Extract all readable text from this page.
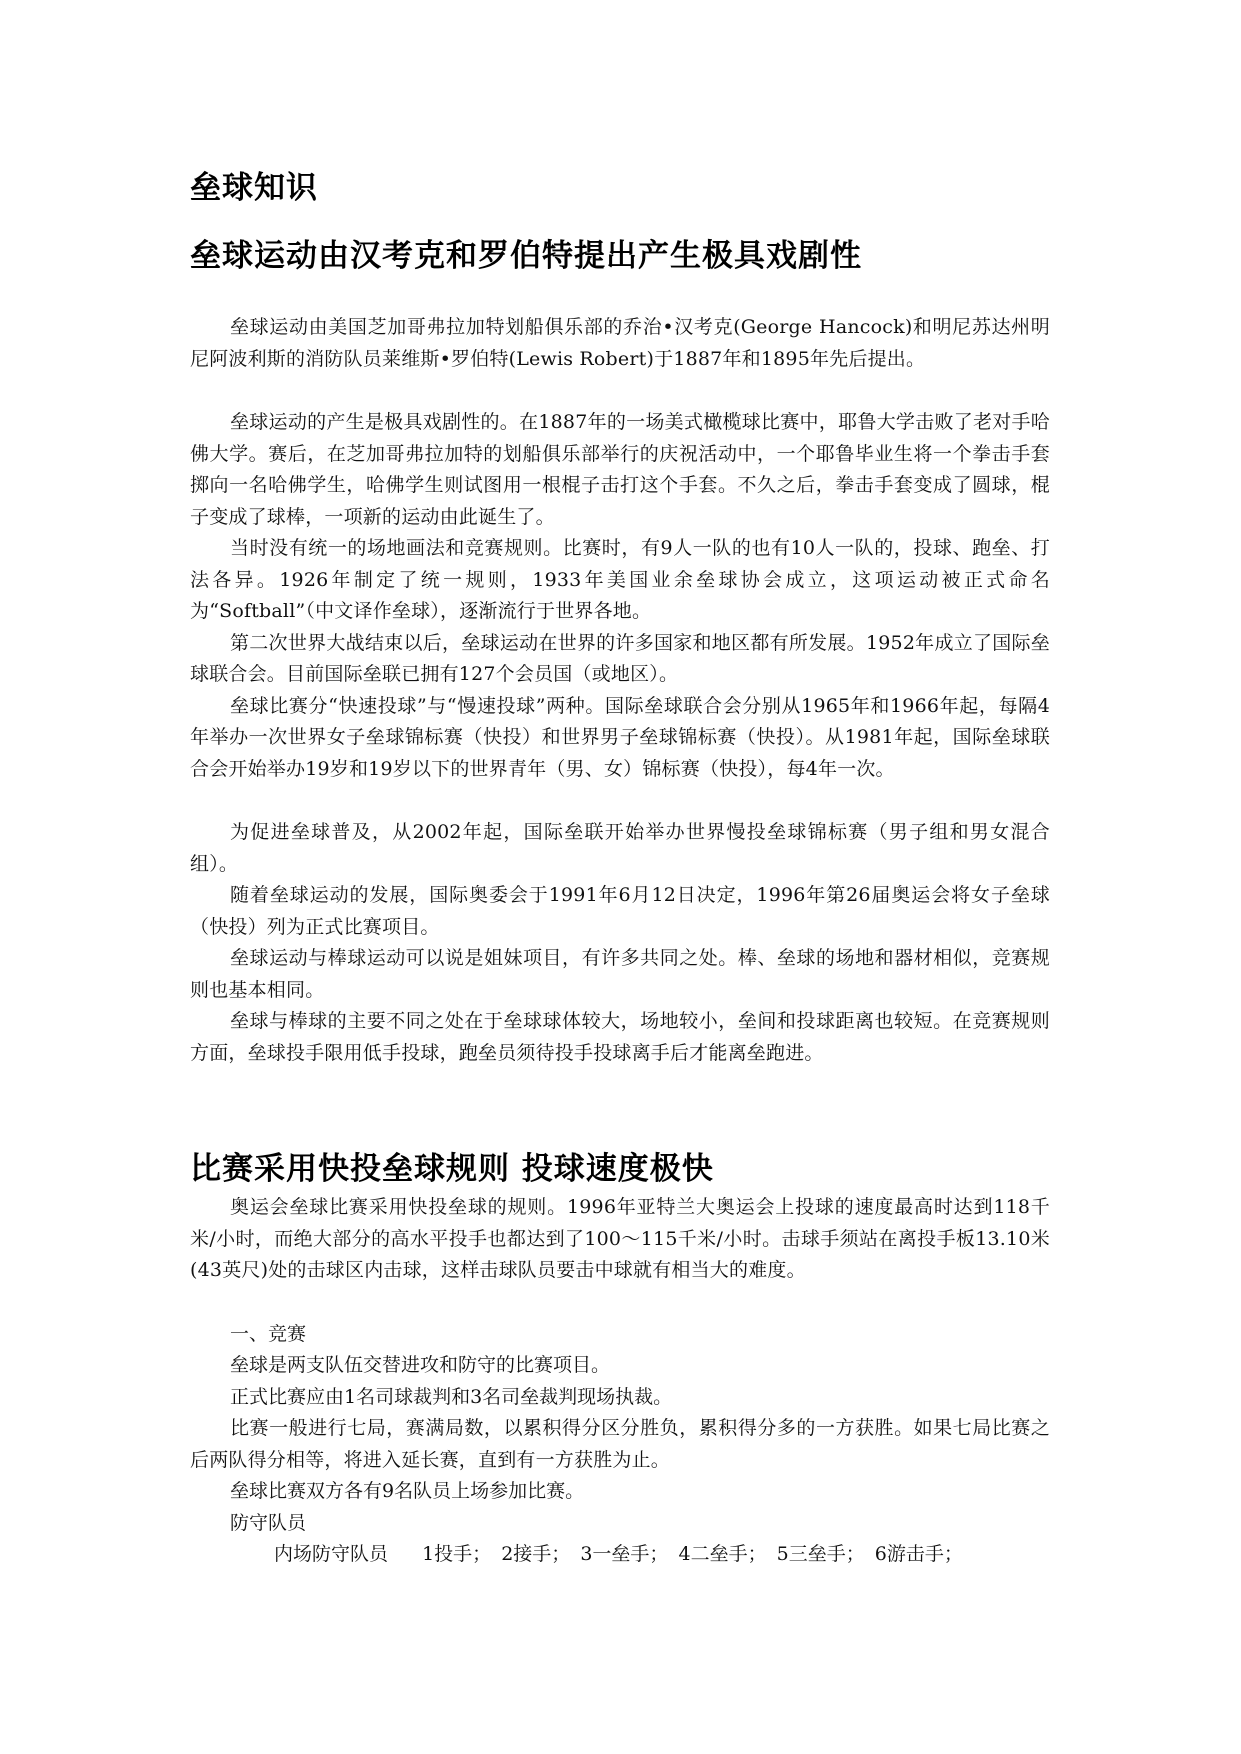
垒球知识
垒球运动由汉考克和罗伯特提出产生极具戏剧性

垒球运动由美国芝加哥弗拉加特划船俱乐部的乔治•汉考克(George Hancock)和明尼苏达州明尼阿波利斯的消防队员莱维斯•罗伯特(Lewis Robert)于1887年和1895年先后提出。

垒球运动的产生是极具戏剧性的。在1887年的一场美式橄榄球比赛中，耶鲁大学击败了老对手哈佛大学。赛后，在芝加哥弗拉加特的划船俱乐部举行的庆祝活动中，一个耶鲁毕业生将一个拳击手套掷向一名哈佛学生，哈佛学生则试图用一根棍子击打这个手套。不久之后，拳击手套变成了圆球，棍子变成了球棒，一项新的运动由此诞生了。

当时没有统一的场地画法和竞赛规则。比赛时，有9人一队的也有10人一队的，投球、跑垒、打法各异。1926年制定了统一规则，1933年美国业余垒球协会成立，这项运动被正式命名为“Softball”（中文译作垒球），逐渐流行于世界各地。

第二次世界大战结束以后，垒球运动在世界的许多国家和地区都有所发展。1952年成立了国际垒球联合会。目前国际垒联已拥有127个会员国（或地区）。

垒球比赛分“快速投球”与“慢速投球”两种。国际垒球联合会分别从1965年和1966年起，每隔4年举办一次世界女子垒球锦标赛（快投）和世界男子垒球锦标赛（快投）。从1981年起，国际垒球联合会开始举办19岁和19岁以下的世界青年（男、女）锦标赛（快投），每4年一次。

为促进垒球普及，从2002年起，国际垒联开始举办世界慢投垒球锦标赛（男子组和男女混合组）。

随着垒球运动的发展，国际奥委会于1991年6月12日决定，1996年第26届奥运会将女子垒球（快投）列为正式比赛项目。

垒球运动与棒球运动可以说是姐妹项目，有许多共同之处。棒、垒球的场地和器材相似，竞赛规则也基本相同。

垒球与棒球的主要不同之处在于垒球球体较大，场地较小，垒间和投球距离也较短。在竞赛规则方面，垒球投手限用低手投球，跑垒员须待投手投球离手后才能离垒跑进。

比赛采用快投垒球规则 投球速度极快

奥运会垒球比赛采用快投垒球的规则。1996年亚特兰大奥运会上投球的速度最高时达到118千米/小时，而绝大部分的高水平投手也都达到了100～115千米/小时。击球手须站在离投手板13.10米(43英尺)处的击球区内击球，这样击球队员要击中球就有相当大的难度。

一、竞赛

垒球是两支队伍交替进攻和防守的比赛项目。

正式比赛应由1名司球裁判和3名司垒裁判现场执裁。

比赛一般进行七局，赛满局数，以累积得分区分胜负，累积得分多的一方获胜。如果七局比赛之后两队得分相等，将进入延长赛，直到有一方获胜为止。

垒球比赛双方各有9名队员上场参加比赛。

防守队员

内场防守队员 1投手； 2接手； 3一垒手； 4二垒手； 5三垒手； 6游击手；
